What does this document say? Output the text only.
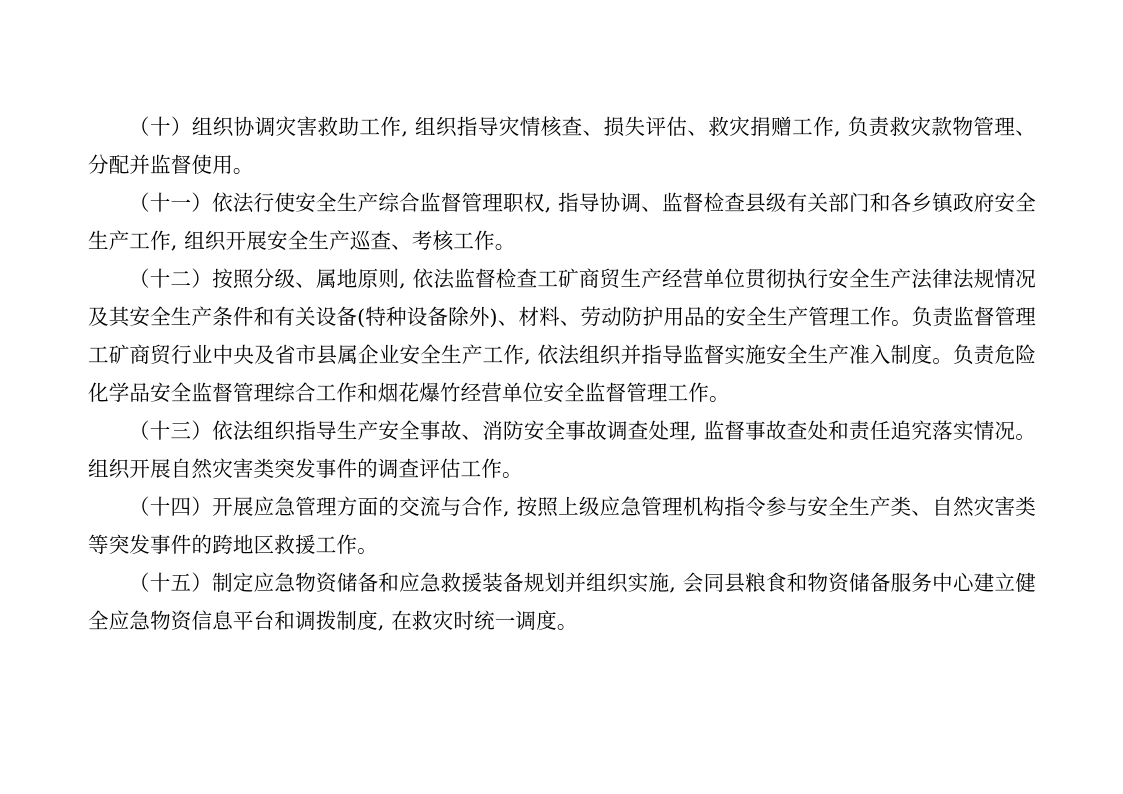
（十）组织协调灾害救助工作, 组织指导灾情核查、损失评估、救灾捐赠工作, 负责救灾款物管理、分配并监督使用。

（十一）依法行使安全生产综合监督管理职权, 指导协调、监督检查县级有关部门和各乡镇政府安全生产工作, 组织开展安全生产巡查、考核工作。

（十二）按照分级、属地原则, 依法监督检查工矿商贸生产经营单位贯彻执行安全生产法律法规情况及其安全生产条件和有关设备(特种设备除外)、材料、劳动防护用品的安全生产管理工作。负责监督管理工矿商贸行业中央及省市县属企业安全生产工作, 依法组织并指导监督实施安全生产准入制度。负责危险化学品安全监督管理综合工作和烟花爆竹经营单位安全监督管理工作。

（十三）依法组织指导生产安全事故、消防安全事故调查处理, 监督事故查处和责任追究落实情况。组织开展自然灾害类突发事件的调查评估工作。

（十四）开展应急管理方面的交流与合作, 按照上级应急管理机构指令参与安全生产类、自然灾害类等突发事件的跨地区救援工作。

（十五）制定应急物资储备和应急救援装备规划并组织实施, 会同县粮食和物资储备服务中心建立健全应急物资信息平台和调拨制度, 在救灾时统一调度。
